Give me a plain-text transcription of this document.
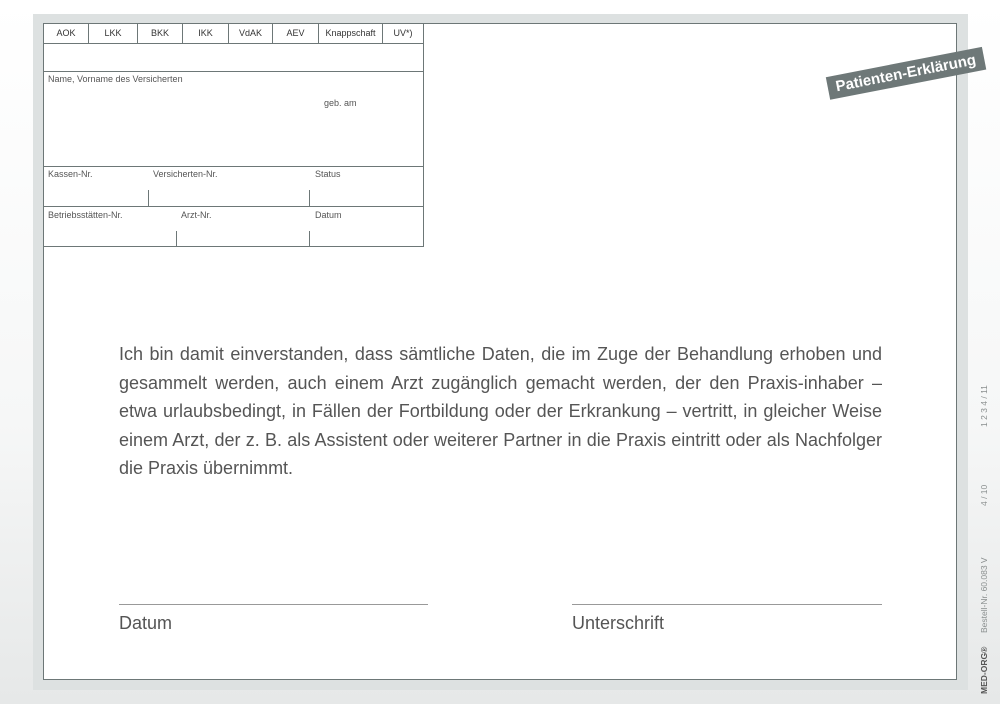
AOK	LKK	BKK	IKK	VdAK	AEV	Knappschaft	UV*)
Name, Vorname des Versicherten
geb. am
Kassen-Nr.	Versicherten-Nr.	Status
Betriebsstätten-Nr.	Arzt-Nr.	Datum
Ich bin damit einverstanden, dass sämtliche Daten, die im Zuge der Behandlung erhoben und gesammelt werden, auch einem Arzt zugänglich gemacht werden, der den Praxis-inhaber – etwa urlaubsbedingt, in Fällen der Fortbildung oder der Erkrankung – vertritt, in gleicher Weise einem Arzt, der z. B. als Assistent oder weiterer Partner in die Praxis eintritt oder als Nachfolger die Praxis übernimmt.
Datum	Unterschrift
Patienten-Erklärung
1 2 3 4 / 11
4 / 10
Bestell-Nr. 60.083 V
MED-ORG®
